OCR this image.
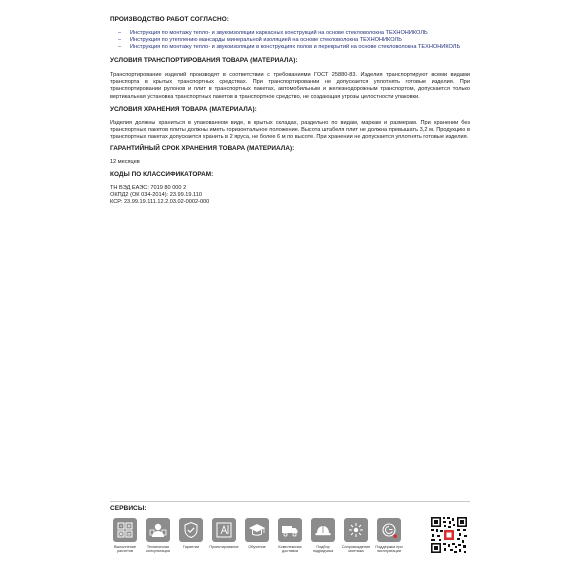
ПРОИЗВОДСТВО РАБОТ СОГЛАСНО:
– Инструкция по монтажу тепло- и звукоизоляции каркасных конструкций на основе стекловолокна ТЕХНОНИКОЛЬ
– Инструкция по утеплению мансарды минеральной изоляцией на основе стекловолокна ТЕХНОНИКОЛЬ
– Инструкция по монтажу тепло- и звукоизоляции в конструкциях полов и перекрытий на основе стекловолокна ТЕХНОНИКОЛЬ
УСЛОВИЯ ТРАНСПОРТИРОВАНИЯ ТОВАРА (МАТЕРИАЛА):

Транспортирование изделий производят в соответствии с требованиями ГОСТ 25880-83. Изделия транспортируют всеми видами транспорта в крытых транспортных средствах. При транспортировании не допускается уплотнять готовые изделия. При транспортировании рулонов и плит в транспортных пакетах, автомобильным и железнодорожным транспортом, допускается только вертикальная установка транспортных пакетов в транспортное средство, не создающая угрозы целостности упаковки.

УСЛОВИЯ ХРАНЕНИЯ ТОВАРА (МАТЕРИАЛА):

Изделия должны храниться в упакованном виде, в крытых складах, раздельно по видам, маркам и размерам. При хранении без транспортных пакетов плиты должны иметь горизонтальное положение. Высота штабеля плит не должна превышать 3,2 м. Продукцию в транспортных пакетах допускается хранить в 2 яруса, не более 6 м по высоте. При хранении не допускается уплотнять готовые изделия.

ГАРАНТИЙНЫЙ СРОК ХРАНЕНИЯ ТОВАРА (МАТЕРИАЛА):

12 месяцев

КОДЫ ПО КЛАССИФИКАТОРАМ:
ТН ВЭД ЕАЭС: 7019 80 000 2
ОКПД2 (ОК 034-2014): 23.99.19.110
КСР: 23.99.19.111.12.2.03.02-0002-000
СЕРВИСЫ:
Выполнение расчетов
Техническая консультация
Гарантии	Проектирование	Обучение	Комплексная доставка
Подбор подрядчика
Сопровождение монтажа
Поддержка при эксплуатации
